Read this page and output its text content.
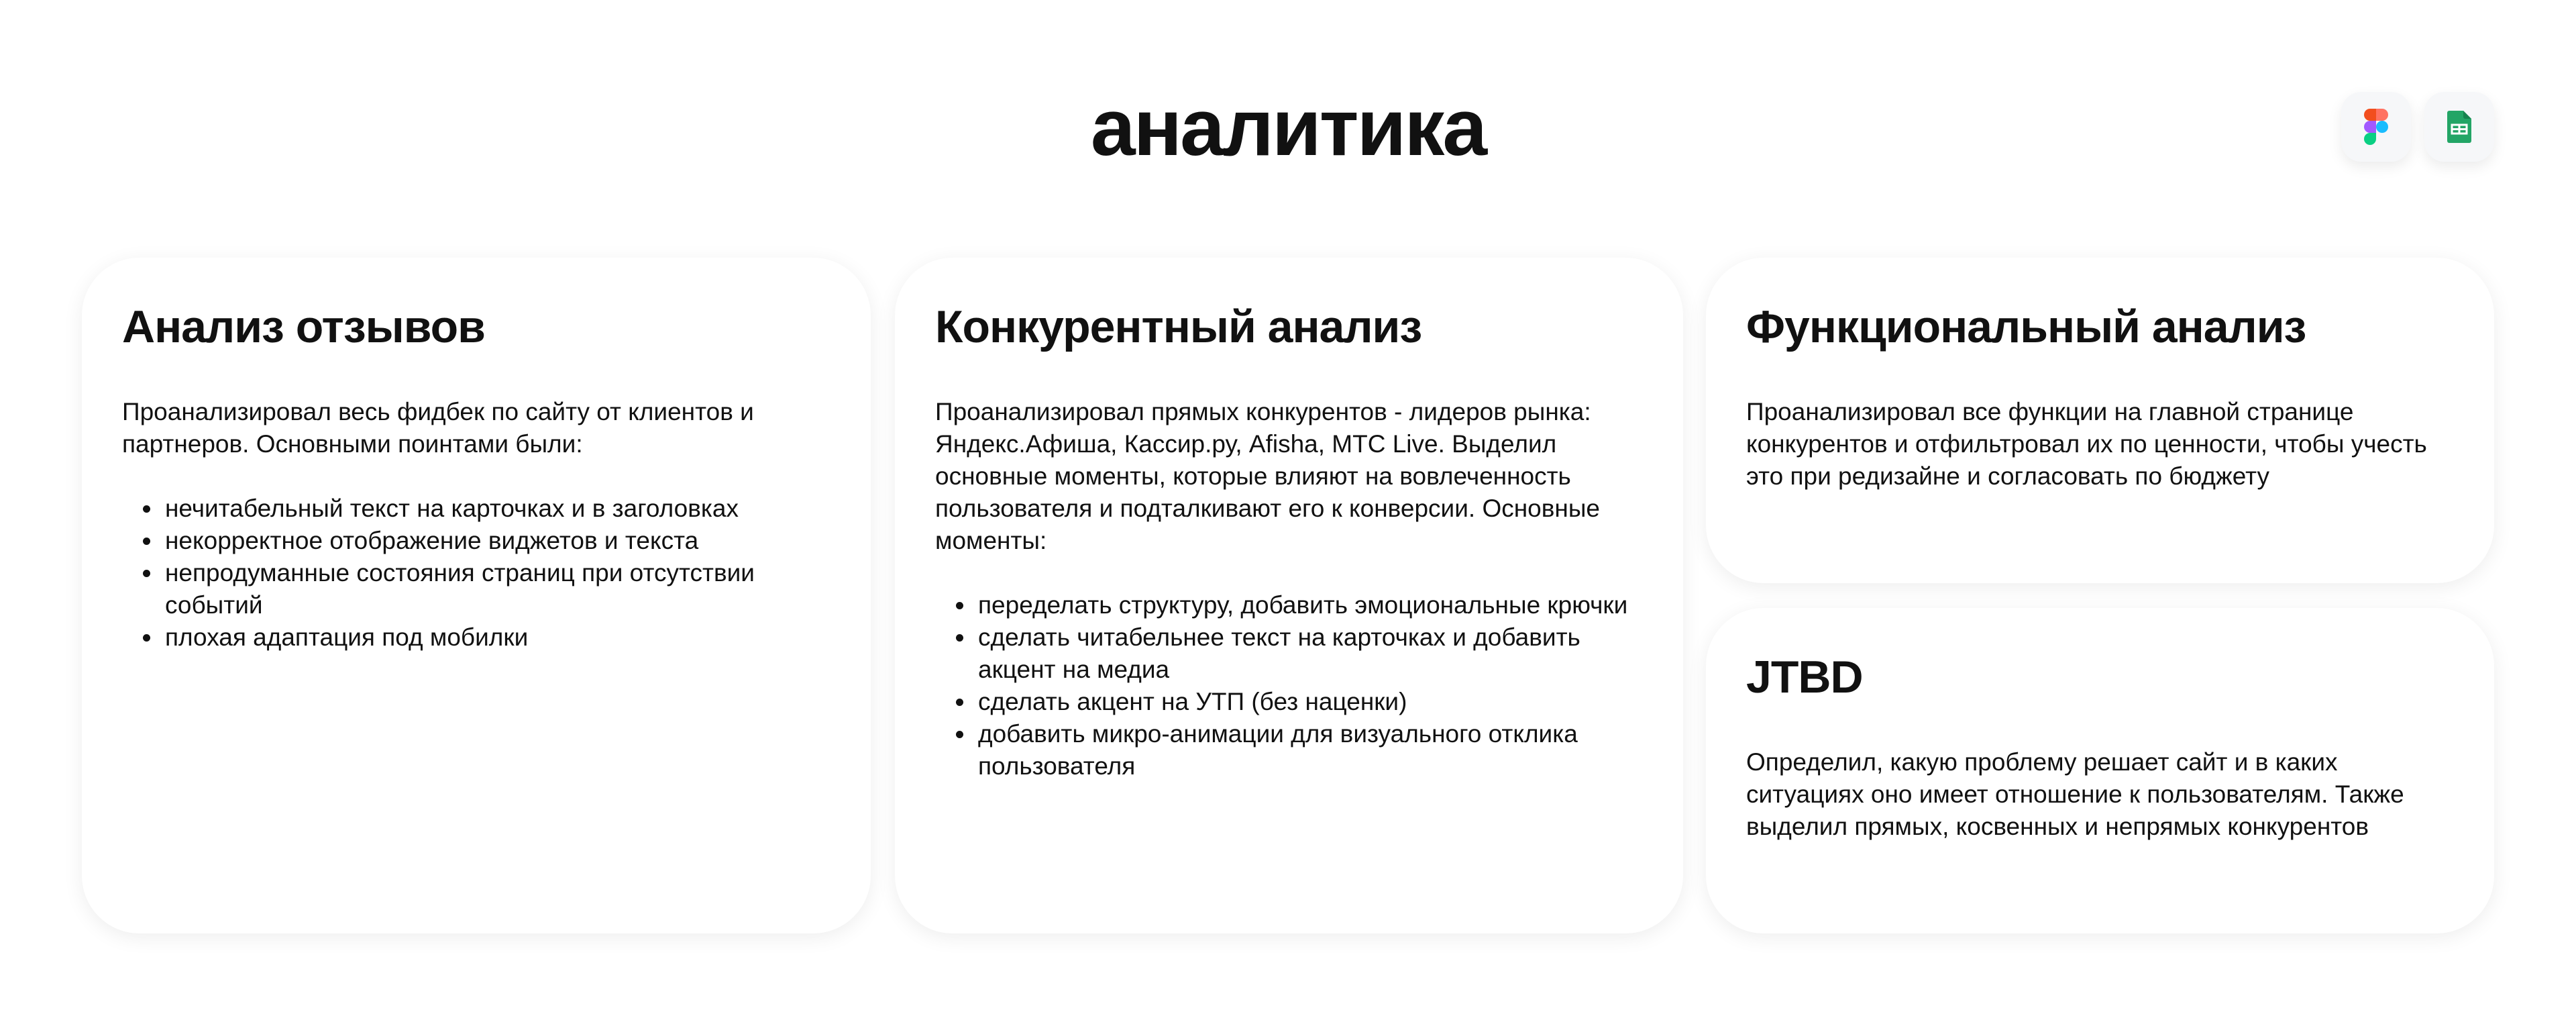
аналитика
Анализ отзывов

Проанализировал весь фидбек по сайту от клиентов и партнеров. Основными поинтами были:

• нечитабельный текст на карточках и в заголовках
• некорректное отображение виджетов и текста
• непродуманные состояния страниц при отсутствии событий
• плохая адаптация под мобилки
Конкурентный анализ

Проанализировал прямых конкурентов - лидеров рынка: Яндекс.Афиша, Кассир.ру, Afisha, МТС Live. Выделил основные моменты, которые влияют на вовлеченность пользователя и подталкивают его к конверсии. Основные моменты:

• переделать структуру, добавить эмоциональные крючки
• сделать читабельнее текст на карточках и добавить акцент на медиа
• сделать акцент на УТП (без наценки)
• добавить микро-анимации для визуального отклика пользователя
Функциональный анализ

Проанализировал все функции на главной странице конкурентов и отфильтровал их по ценности, чтобы учесть это при редизайне и согласовать по бюджету

JTBD

Определил, какую проблему решает сайт и в каких ситуациях оно имеет отношение к пользователям. Также выделил прямых, косвенных и непрямых конкурентов
